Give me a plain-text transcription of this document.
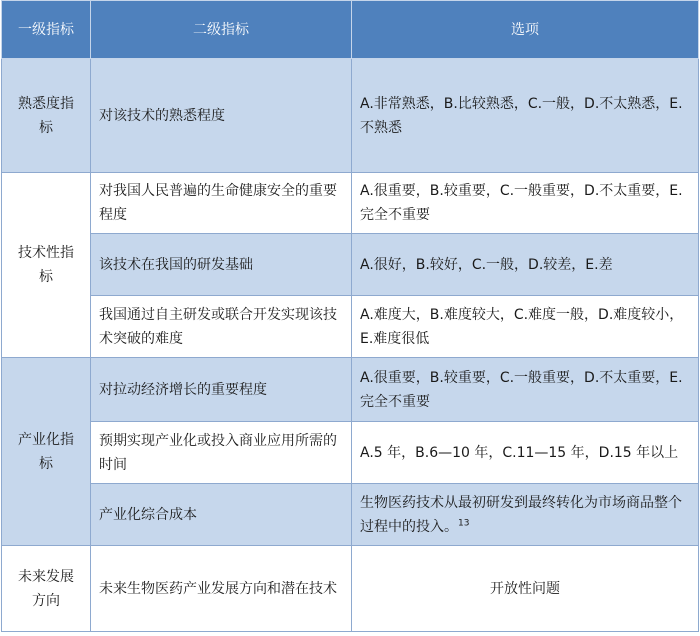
一级指标	二级指标	选项
熟悉度指标	对该技术的熟悉程度	A.非常熟悉，B.比较熟悉，C.一般，D.不太熟悉，E.不熟悉
技术性指标	对我国人民普遍的生命健康安全的重要程度	A.很重要，B.较重要，C.一般重要，D.不太重要，E.完全不重要
	该技术在我国的研发基础	A.很好，B.较好，C.一般，D.较差，E.差
	我国通过自主研发或联合开发实现该技术突破的难度	A.难度大，B.难度较大，C.难度一般，D.难度较小，E.难度很低
产业化指标	对拉动经济增长的重要程度	A.很重要，B.较重要，C.一般重要，D.不太重要，E.完全不重要
	预期实现产业化或投入商业应用所需的时间	A.5 年，B.6—10 年，C.11—15 年，D.15 年以上
	产业化综合成本	生物医药技术从最初研发到最终转化为市场商品整个过程中的投入。$^{13}$
未来发展方向	未来生物医药产业发展方向和潜在技术	开放性问题
